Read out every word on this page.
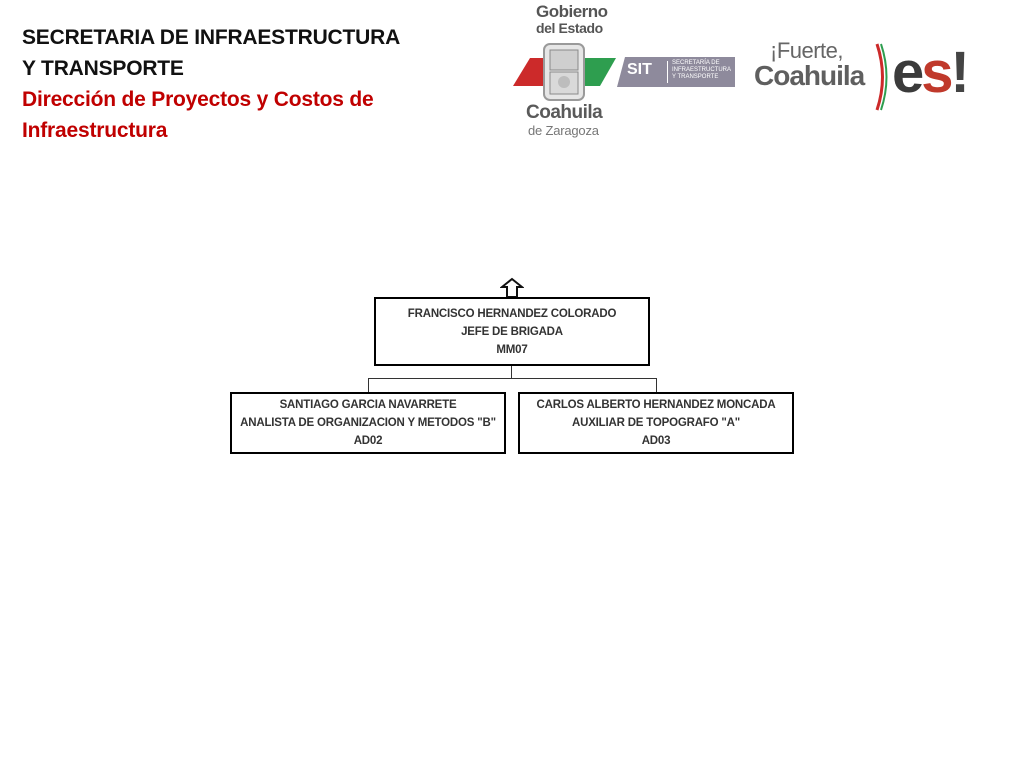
SECRETARIA DE INFRAESTRUCTURA
Y TRANSPORTE
Dirección de Proyectos y Costos de
Infraestructura
Gobierno
del Estado
Coahuila
de Zaragoza
SIT	SECRETARÍA DE INFRAESTRUCTURA Y TRANSPORTE
¡Fuerte,
Coahuila es!
FRANCISCO HERNANDEZ COLORADO
JEFE DE BRIGADA
MM07
SANTIAGO GARCIA NAVARRETE
ANALISTA DE ORGANIZACION Y METODOS "B"
AD02
CARLOS ALBERTO HERNANDEZ MONCADA
AUXILIAR DE TOPOGRAFO "A"
AD03
